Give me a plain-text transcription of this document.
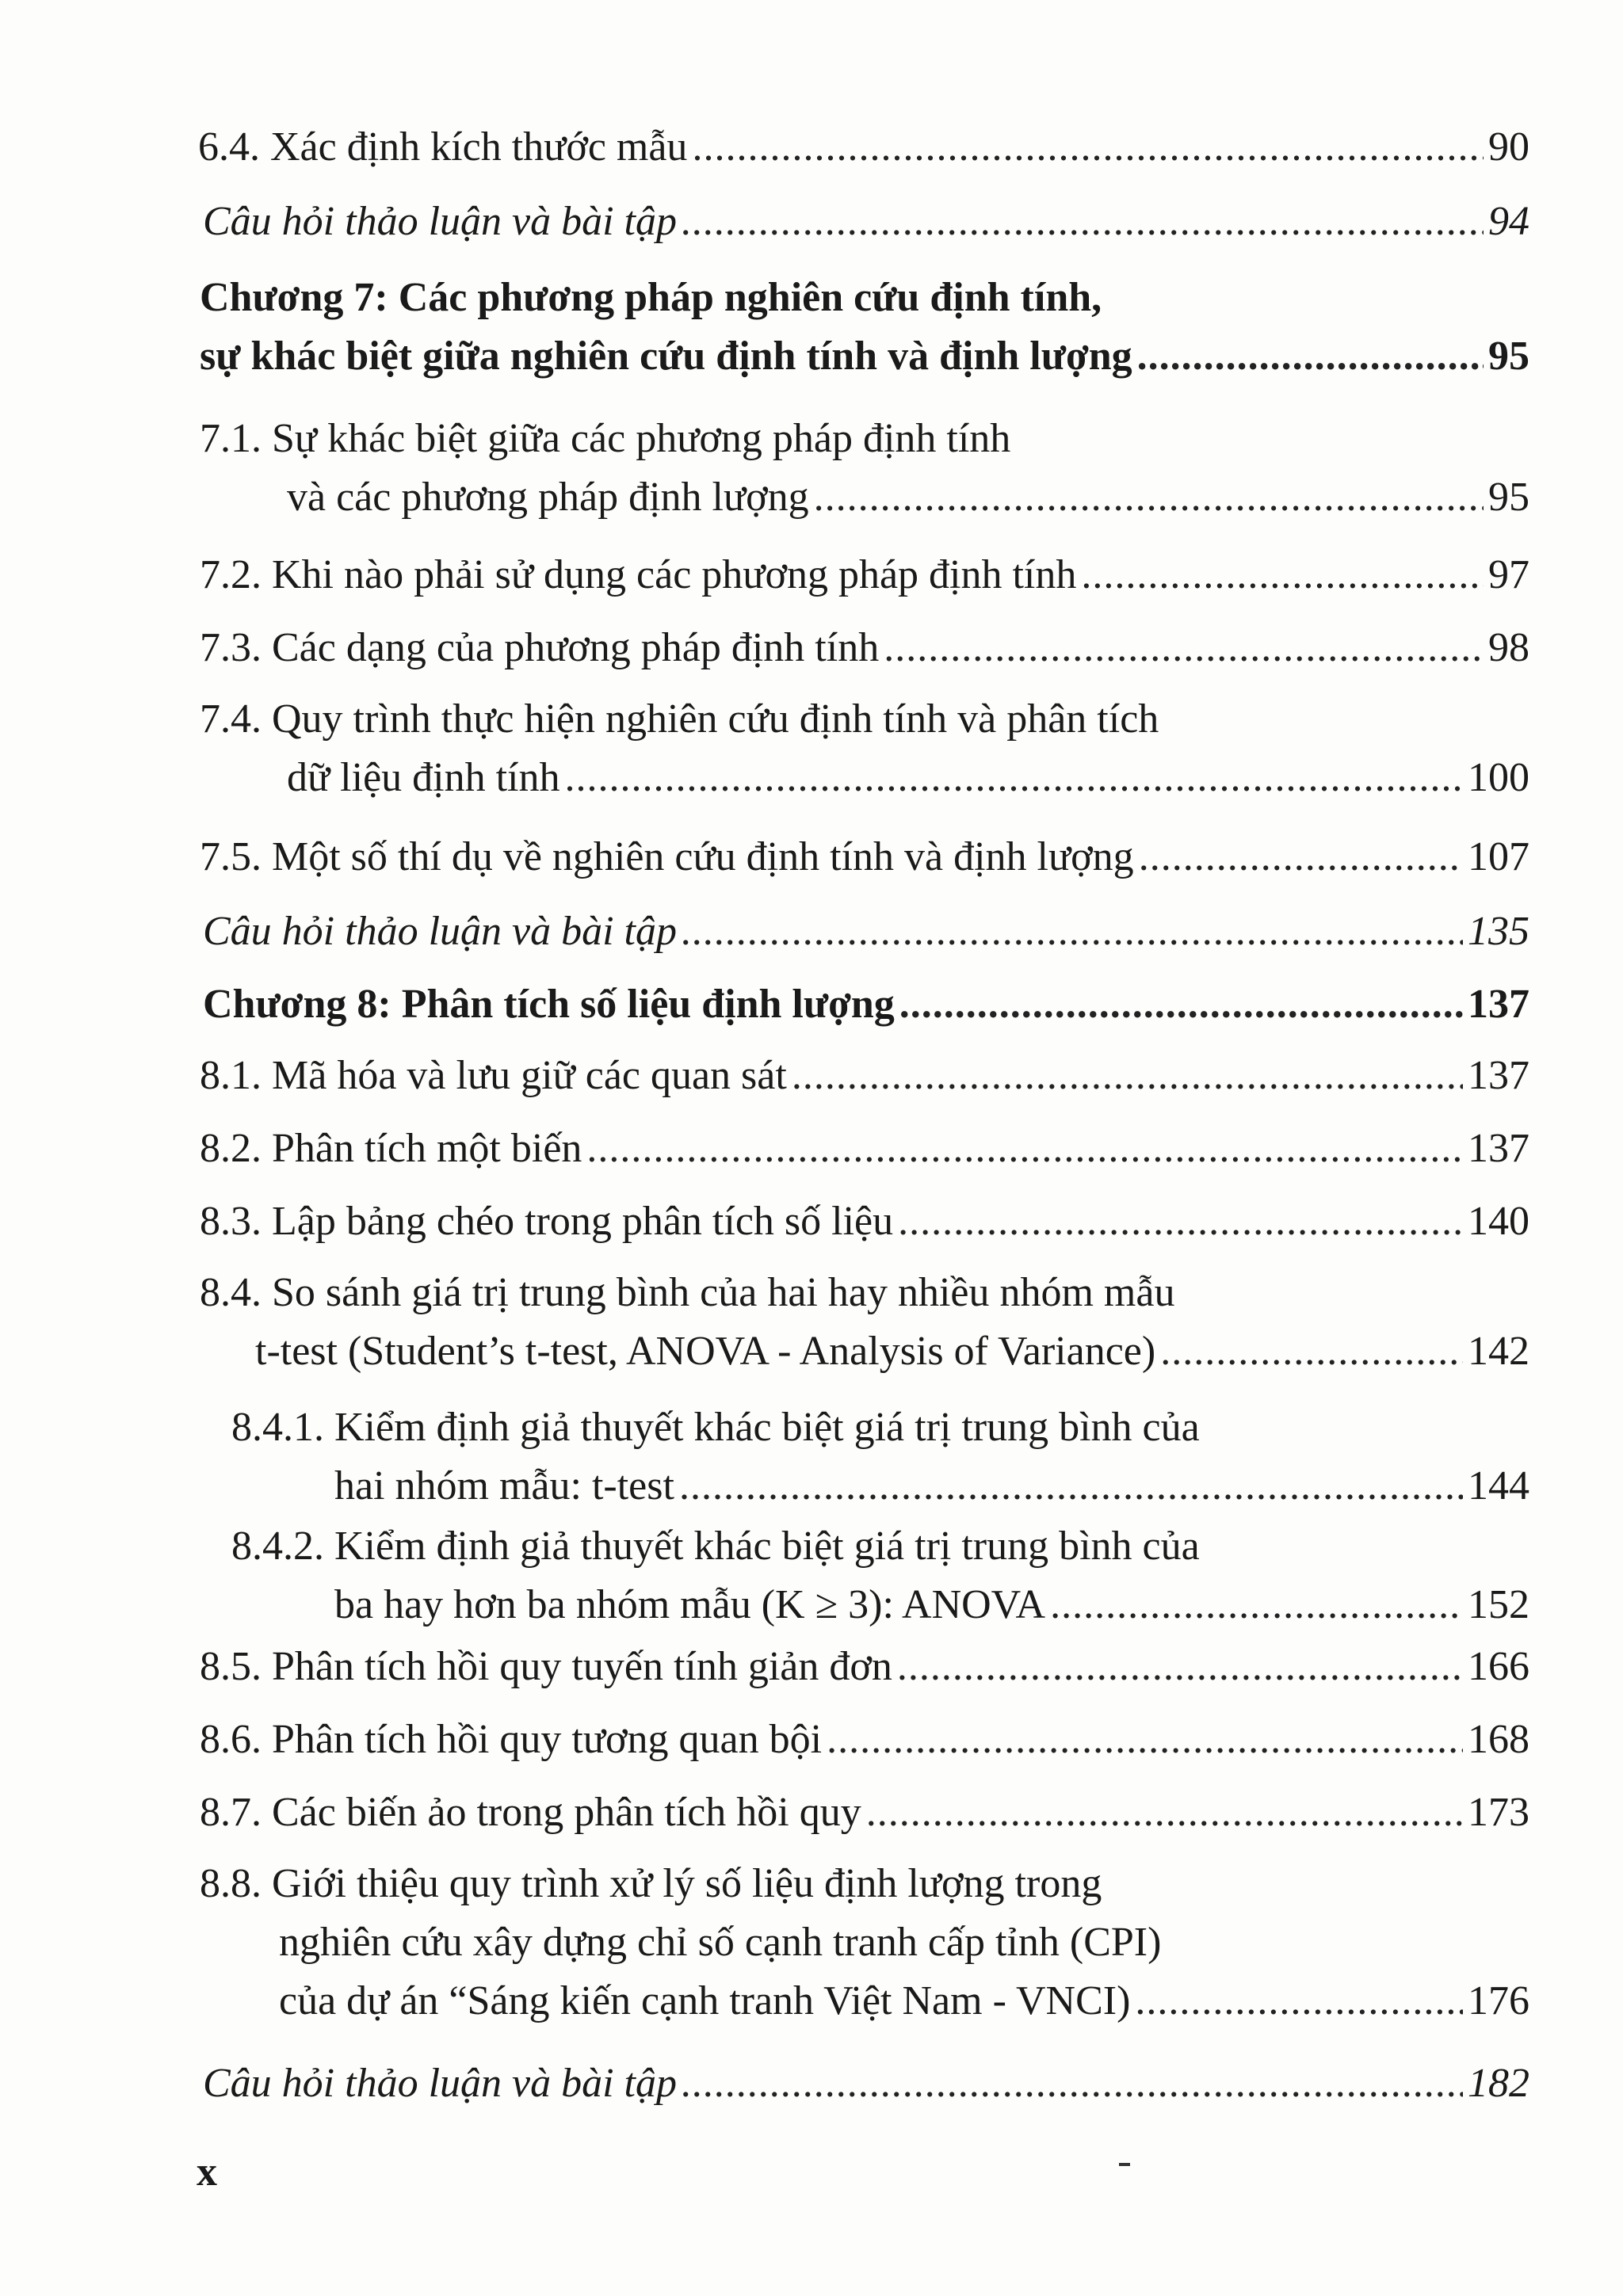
6.4. Xác định kích thước mẫu .....	90
Câu hỏi thảo luận và bài tập .....	94
Chương 7: Các phương pháp nghiên cứu định tính,
sự khác biệt giữa nghiên cứu định tính và định lượng .....	95
7.1. Sự khác biệt giữa các phương pháp định tính
và các phương pháp định lượng .....	95
7.2. Khi nào phải sử dụng các phương pháp định tính .....	97
7.3. Các dạng của phương pháp định tính .....	98
7.4. Quy trình thực hiện nghiên cứu định tính và phân tích
dữ liệu định tính .....	100
7.5. Một số thí dụ về nghiên cứu định tính và định lượng .....	107
Câu hỏi thảo luận và bài tập .....	135
Chương 8: Phân tích số liệu định lượng .....	137
8.1. Mã hóa và lưu giữ các quan sát .....	137
8.2. Phân tích một biến .....	137
8.3. Lập bảng chéo trong phân tích số liệu .....	140
8.4. So sánh giá trị trung bình của hai hay nhiều nhóm mẫu
t-test (Student’s t-test, ANOVA - Analysis of Variance) .....	142
8.4.1. Kiểm định giả thuyết khác biệt giá trị trung bình của
hai nhóm mẫu: t-test .....	144
8.4.2. Kiểm định giả thuyết khác biệt giá trị trung bình của
ba hay hơn ba nhóm mẫu (K ≥ 3): ANOVA .....	152
8.5. Phân tích hồi quy tuyến tính giản đơn .....	166
8.6. Phân tích hồi quy tương quan bội .....	168
8.7. Các biến ảo trong phân tích hồi quy .....	173
8.8. Giới thiệu quy trình xử lý số liệu định lượng trong
nghiên cứu xây dựng chỉ số cạnh tranh cấp tỉnh (CPI)
của dự án “Sáng kiến cạnh tranh Việt Nam - VNCI) .....	176
Câu hỏi thảo luận và bài tập .....	182
x
